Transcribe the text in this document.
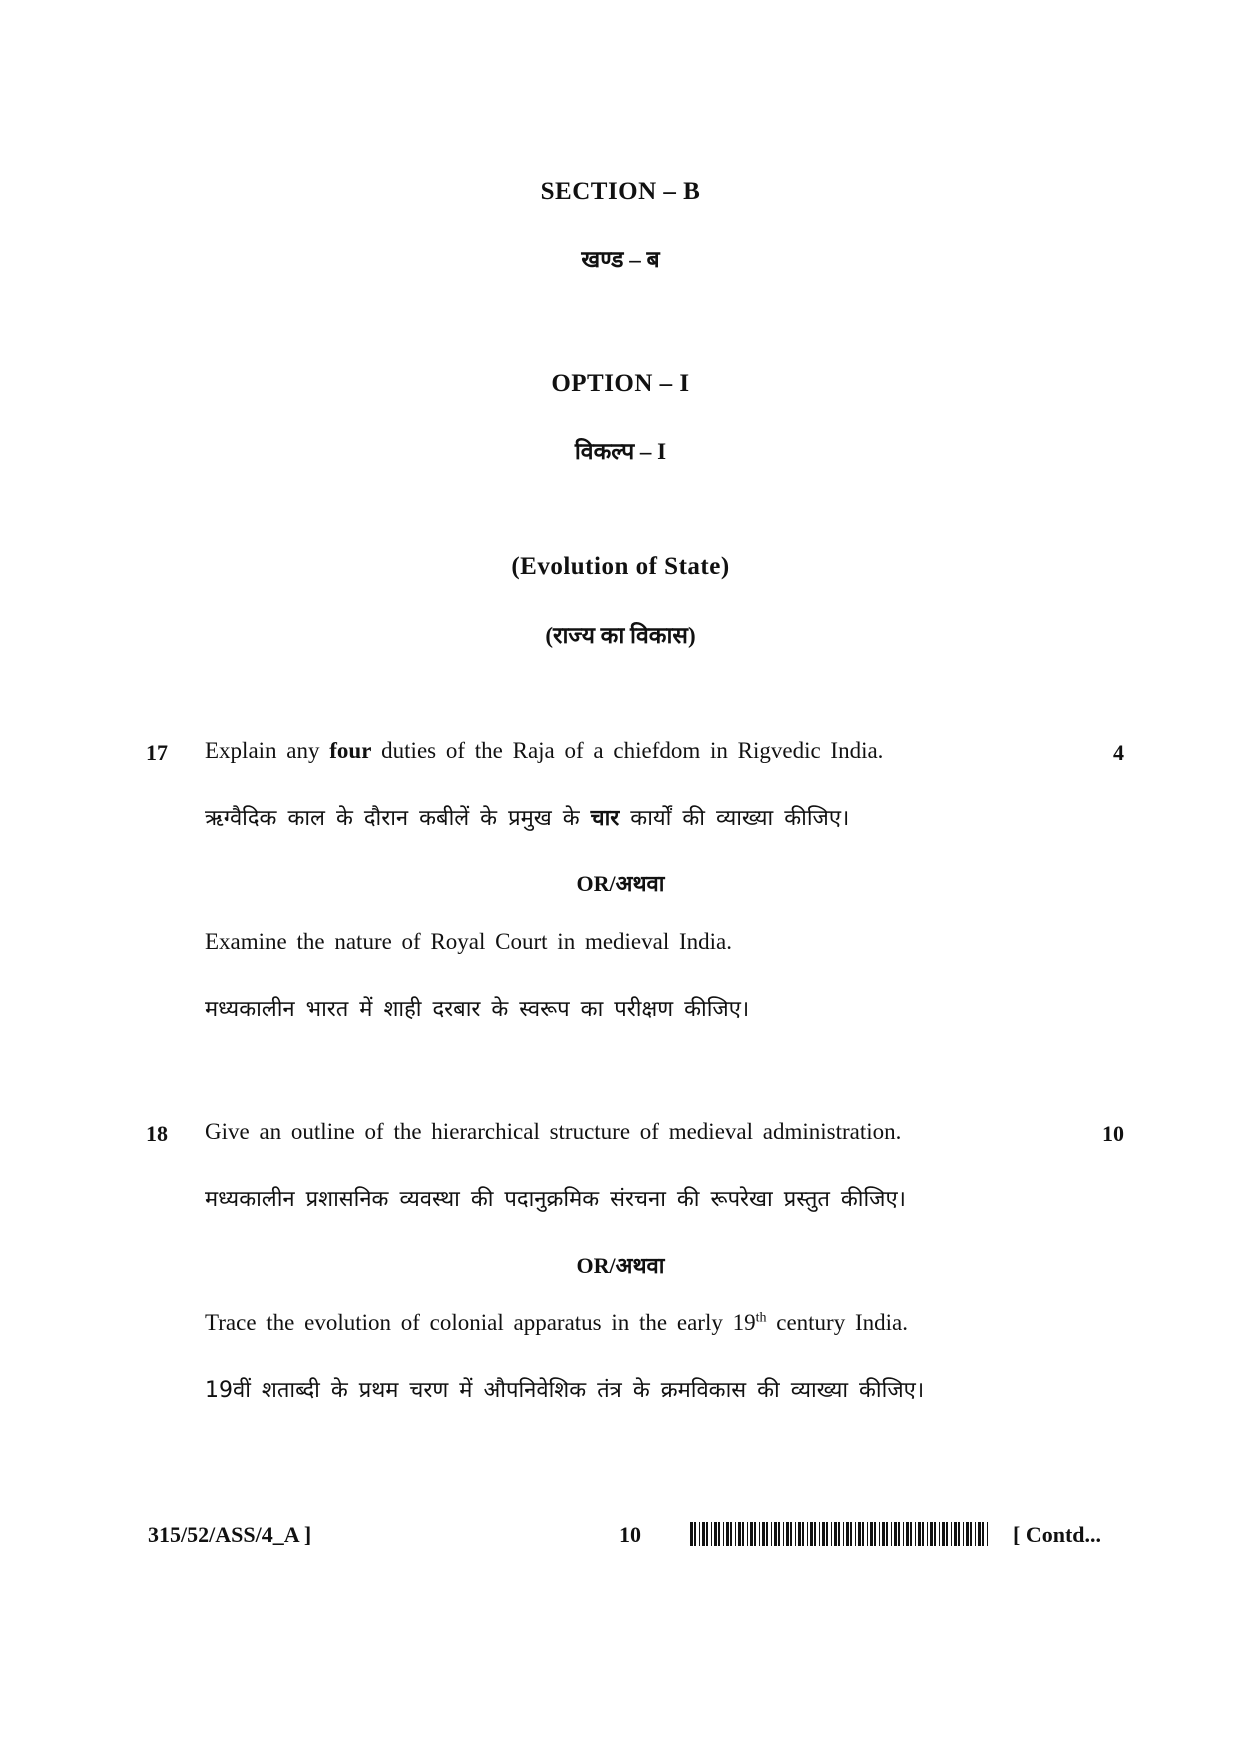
SECTION – B
खण्ड – ब
OPTION – I
विकल्प – I
(Evolution of State)
(राज्य का विकास)
17 Explain any four duties of the Raja of a chiefdom in Rigvedic India.	4
ऋग्वैदिक काल के दौरान कबीलें के प्रमुख के चार कार्यों की व्याख्या कीजिए।
OR/अथवा
Examine the nature of Royal Court in medieval India.
मध्यकालीन भारत में शाही दरबार के स्वरूप का परीक्षण कीजिए।
18 Give an outline of the hierarchical structure of medieval administration.	10
मध्यकालीन प्रशासनिक व्यवस्था की पदानुक्रमिक संरचना की रूपरेखा प्रस्तुत कीजिए।
OR/अथवा
Trace the evolution of colonial apparatus in the early 19th century India.
19वीं शताब्दी के प्रथम चरण में औपनिवेशिक तंत्र के क्रमविकास की व्याख्या कीजिए।
315/52/ASS/4_A ]	10	[ Contd...
